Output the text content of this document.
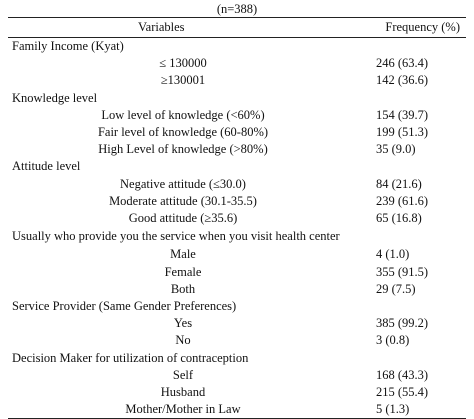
(n=388)
Variables	Frequency (%)
Family Income (Kyat)	
≤ 130000	246 (63.4)
≥130001	142 (36.6)
Knowledge level	
Low level of knowledge (<60%)	154 (39.7)
Fair level of knowledge (60-80%)	199 (51.3)
High Level of knowledge (>80%)	35 (9.0)
Attitude level	
Negative attitude (≤30.0)	84 (21.6)
Moderate attitude (30.1-35.5)	239 (61.6)
Good attitude (≥35.6)	65 (16.8)
Usually who provide you the service when you visit health center	
Male	4 (1.0)
Female	355 (91.5)
Both	29 (7.5)
Service Provider (Same Gender Preferences)	
Yes	385 (99.2)
No	3 (0.8)
Decision Maker for utilization of contraception	
Self	168 (43.3)
Husband	215 (55.4)
Mother/Mother in Law	5 (1.3)
